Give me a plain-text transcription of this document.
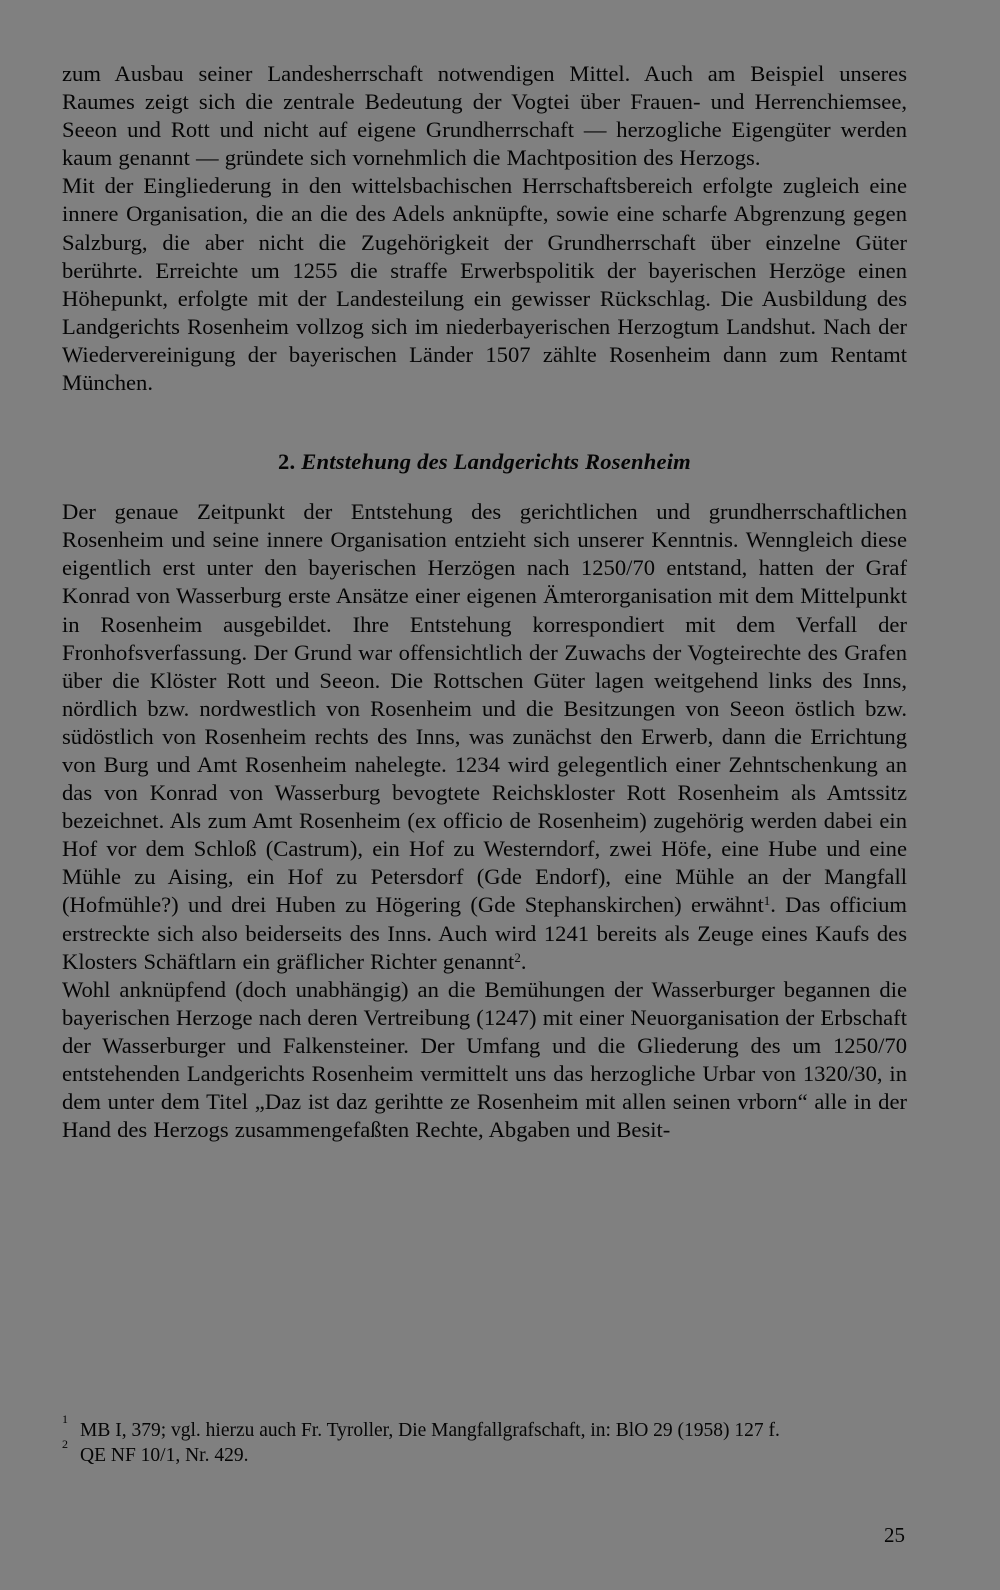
zum Ausbau seiner Landesherrschaft notwendigen Mittel. Auch am Beispiel unseres Raumes zeigt sich die zentrale Bedeutung der Vogtei über Frauen- und Herrenchiemsee, Seeon und Rott und nicht auf eigene Grundherrschaft — herzogliche Eigengüter werden kaum genannt — gründete sich vornehmlich die Machtposition des Herzogs.

Mit der Eingliederung in den wittelsbachischen Herrschaftsbereich erfolgte zugleich eine innere Organisation, die an die des Adels anknüpfte, sowie eine scharfe Abgrenzung gegen Salzburg, die aber nicht die Zugehörigkeit der Grundherrschaft über einzelne Güter berührte. Erreichte um 1255 die straffe Erwerbspolitik der bayerischen Herzöge einen Höhepunkt, erfolgte mit der Landesteilung ein gewisser Rückschlag. Die Ausbildung des Landgerichts Rosenheim vollzog sich im niederbayerischen Herzogtum Landshut. Nach der Wiedervereinigung der bayerischen Länder 1507 zählte Rosenheim dann zum Rentamt München.

2. Entstehung des Landgerichts Rosenheim

Der genaue Zeitpunkt der Entstehung des gerichtlichen und grundherrschaftlichen Rosenheim und seine innere Organisation entzieht sich unserer Kenntnis. Wenngleich diese eigentlich erst unter den bayerischen Herzögen nach 1250/70 entstand, hatten der Graf Konrad von Wasserburg erste Ansätze einer eigenen Ämterorganisation mit dem Mittelpunkt in Rosenheim ausgebildet. Ihre Entstehung korrespondiert mit dem Verfall der Fronhofsverfassung. Der Grund war offensichtlich der Zuwachs der Vogteirechte des Grafen über die Klöster Rott und Seeon. Die Rottschen Güter lagen weitgehend links des Inns, nördlich bzw. nordwestlich von Rosenheim und die Besitzungen von Seeon östlich bzw. südöstlich von Rosenheim rechts des Inns, was zunächst den Erwerb, dann die Errichtung von Burg und Amt Rosenheim nahelegte. 1234 wird gelegentlich einer Zehntschenkung an das von Konrad von Wasserburg bevogtete Reichskloster Rott Rosenheim als Amtssitz bezeichnet. Als zum Amt Rosenheim (ex officio de Rosenheim) zugehörig werden dabei ein Hof vor dem Schloß (Castrum), ein Hof zu Westerndorf, zwei Höfe, eine Hube und eine Mühle zu Aising, ein Hof zu Petersdorf (Gde Endorf), eine Mühle an der Mangfall (Hofmühle?) und drei Huben zu Högering (Gde Stephanskirchen) erwähnt$^1$. Das officium erstreckte sich also beiderseits des Inns. Auch wird 1241 bereits als Zeuge eines Kaufs des Klosters Schäftlarn ein gräflicher Richter genannt$^2$.

Wohl anknüpfend (doch unabhängig) an die Bemühungen der Wasserburger begannen die bayerischen Herzoge nach deren Vertreibung (1247) mit einer Neuorganisation der Erbschaft der Wasserburger und Falkensteiner. Der Umfang und die Gliederung des um 1250/70 entstehenden Landgerichts Rosenheim vermittelt uns das herzogliche Urbar von 1320/30, in dem unter dem Titel „Daz ist daz gerihtte ze Rosenheim mit allen seinen vrborn“ alle in der Hand des Herzogs zusammengefaßten Rechte, Abgaben und Besit-

1
MB I, 379; vgl. hierzu auch Fr. Tyroller, Die Mangfallgrafschaft, in: BlO 29 (1958) 127 f.

2
QE NF 10/1, Nr. 429.

25
